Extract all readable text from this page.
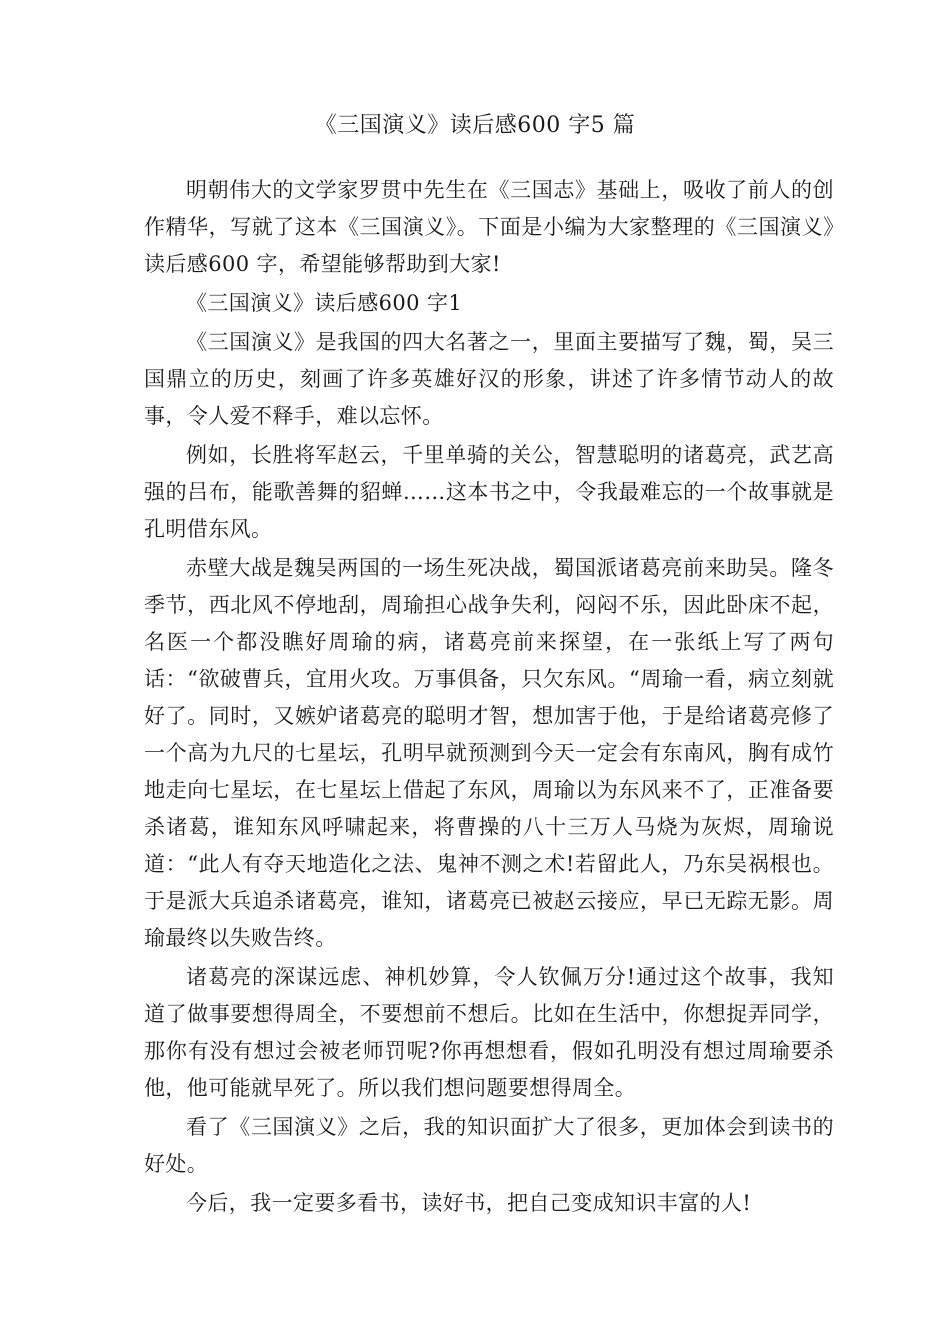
《三国演义》读后感600 字5 篇

明朝伟大的文学家罗贯中先生在《三国志》基础上，吸收了前人的创作精华，写就了这本《三国演义》。下面是小编为大家整理的《三国演义》读后感600 字，希望能够帮助到大家!

《三国演义》读后感600 字1

《三国演义》是我国的四大名著之一，里面主要描写了魏，蜀，吴三国鼎立的历史，刻画了许多英雄好汉的形象，讲述了许多情节动人的故事，令人爱不释手，难以忘怀。

例如，长胜将军赵云，千里单骑的关公，智慧聪明的诸葛亮，武艺高强的吕布，能歌善舞的貂蝉……这本书之中，令我最难忘的一个故事就是孔明借东风。

赤壁大战是魏吴两国的一场生死决战，蜀国派诸葛亮前来助吴。隆冬季节，西北风不停地刮，周瑜担心战争失利，闷闷不乐，因此卧床不起，名医一个都没瞧好周瑜的病，诸葛亮前来探望，在一张纸上写了两句话：“欲破曹兵，宜用火攻。万事俱备，只欠东风。“周瑜一看，病立刻就好了。同时，又嫉妒诸葛亮的聪明才智，想加害于他，于是给诸葛亮修了一个高为九尺的七星坛，孔明早就预测到今天一定会有东南风，胸有成竹地走向七星坛，在七星坛上借起了东风，周瑜以为东风来不了，正准备要杀诸葛，谁知东风呼啸起来，将曹操的八十三万人马烧为灰烬，周瑜说道：“此人有夺天地造化之法、鬼神不测之术!若留此人，乃东吴祸根也。于是派大兵追杀诸葛亮，谁知，诸葛亮已被赵云接应，早已无踪无影。周瑜最终以失败告终。

诸葛亮的深谋远虑、神机妙算，令人钦佩万分!通过这个故事，我知道了做事要想得周全，不要想前不想后。比如在生活中，你想捉弄同学，那你有没有想过会被老师罚呢?你再想想看，假如孔明没有想过周瑜要杀他，他可能就早死了。所以我们想问题要想得周全。

看了《三国演义》之后，我的知识面扩大了很多，更加体会到读书的好处。

今后，我一定要多看书，读好书，把自己变成知识丰富的人!
